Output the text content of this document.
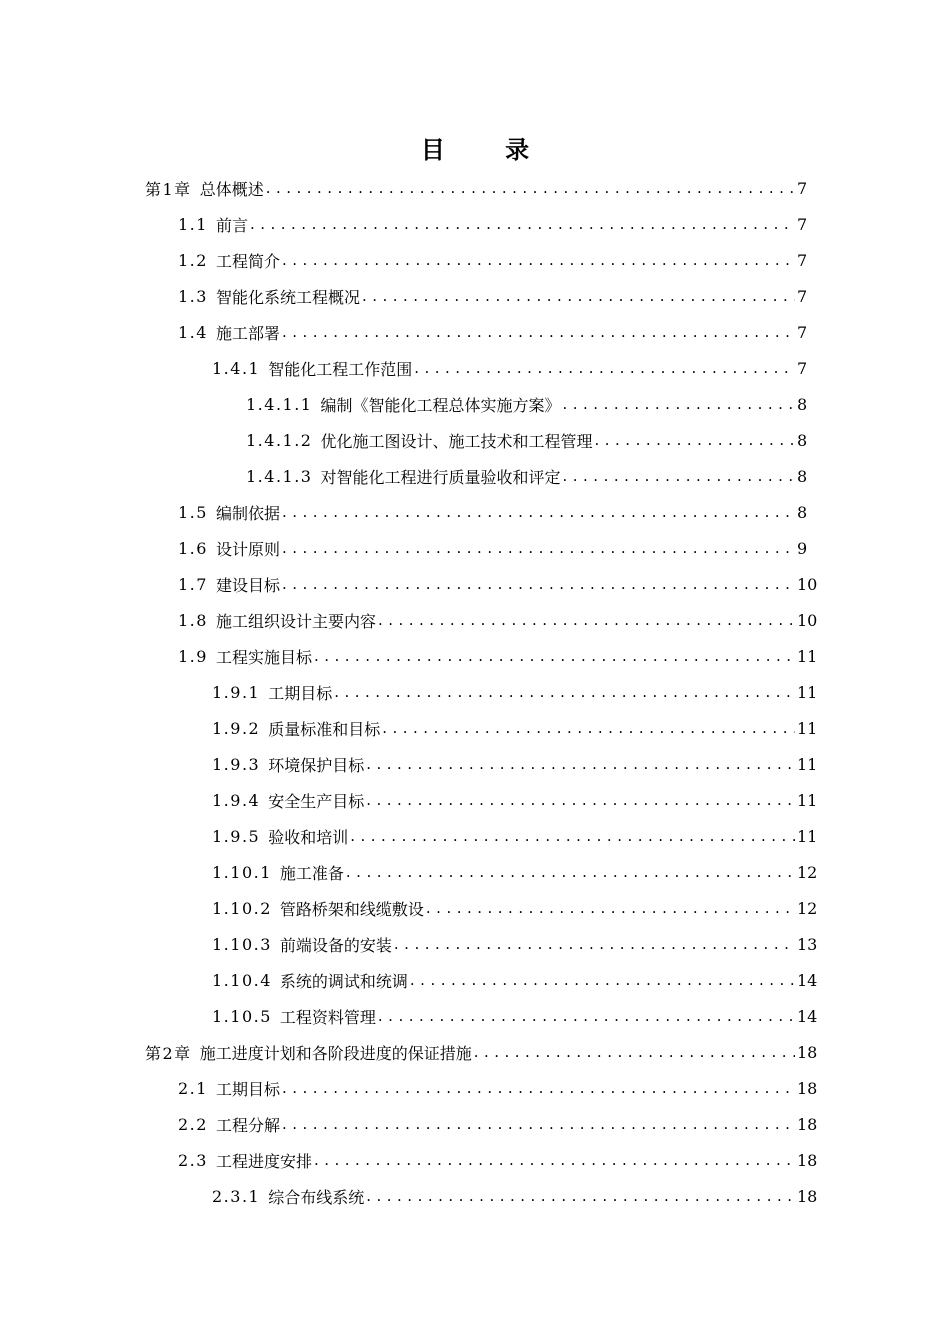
目 录
第1章 总体概述 .....	7
1.1 前言 .....	7
1.2 工程简介 .....	7
1.3 智能化系统工程概况 .....	7
1.4 施工部署 .....	7
1.4.1 智能化工程工作范围 .....	7
1.4.1.1 编制《智能化工程总体实施方案》 .....	8
1.4.1.2 优化施工图设计、施工技术和工程管理 .....	8
1.4.1.3 对智能化工程进行质量验收和评定 .....	8
1.5 编制依据 .....	8
1.6 设计原则 .....	9
1.7 建设目标 .....	10
1.8 施工组织设计主要内容 .....	10
1.9 工程实施目标 .....	11
1.9.1 工期目标 .....	11
1.9.2 质量标准和目标 .....	11
1.9.3 环境保护目标 .....	11
1.9.4 安全生产目标 .....	11
1.9.5 验收和培训 .....	11
1.10.1 施工准备 .....	12
1.10.2 管路桥架和线缆敷设 .....	12
1.10.3 前端设备的安装 .....	13
1.10.4 系统的调试和统调 .....	14
1.10.5 工程资料管理 .....	14
第2章 施工进度计划和各阶段进度的保证措施 .....	18
2.1 工期目标 .....	18
2.2 工程分解 .....	18
2.3 工程进度安排 .....	18
2.3.1 综合布线系统 .....	18
